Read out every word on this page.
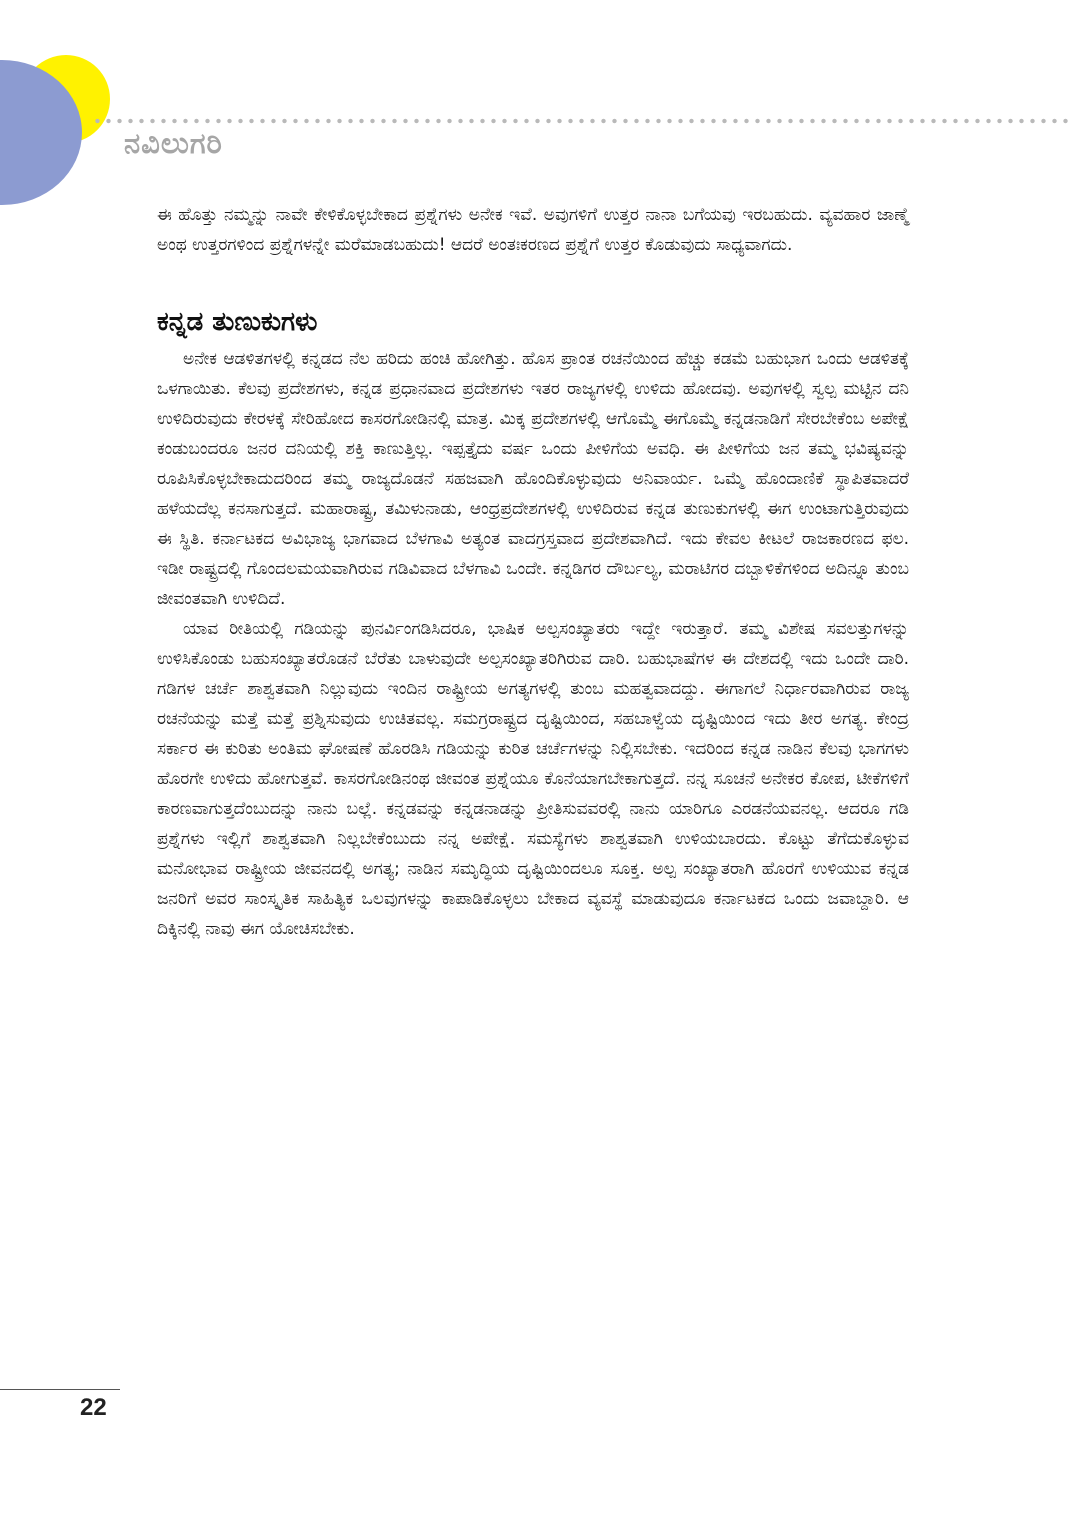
ನವಿಲುಗರಿ

ಈ ಹೊತ್ತು ನಮ್ಮನ್ನು ನಾವೇ ಕೇಳಿಕೊಳ್ಳಬೇಕಾದ ಪ್ರಶ್ನೆಗಳು ಅನೇಕ ಇವೆ. ಅವುಗಳಿಗೆ ಉತ್ತರ ನಾನಾ ಬಗೆಯವು ಇರಬಹುದು. ವ್ಯವಹಾರ ಜಾಣ್ಮೆ ಅಂಥ ಉತ್ತರಗಳಿಂದ ಪ್ರಶ್ನೆಗಳನ್ನೇ ಮರೆಮಾಡಬಹುದು! ಆದರೆ ಅಂತಃಕರಣದ ಪ್ರಶ್ನೆಗೆ ಉತ್ತರ ಕೊಡುವುದು ಸಾಧ್ಯವಾಗದು.

ಕನ್ನಡ ತುಣುಕುಗಳು

ಅನೇಕ ಆಡಳಿತಗಳಲ್ಲಿ ಕನ್ನಡದ ನೆಲ ಹರಿದು ಹಂಚಿ ಹೋಗಿತ್ತು. ಹೊಸ ಪ್ರಾಂತ ರಚನೆಯಿಂದ ಹೆಚ್ಚು ಕಡಮೆ ಬಹುಭಾಗ ಒಂದು ಆಡಳಿತಕ್ಕೆ ಒಳಗಾಯಿತು. ಕೆಲವು ಪ್ರದೇಶಗಳು, ಕನ್ನಡ ಪ್ರಧಾನವಾದ ಪ್ರದೇಶಗಳು ಇತರ ರಾಜ್ಯಗಳಲ್ಲಿ ಉಳಿದು ಹೋದವು. ಅವುಗಳಲ್ಲಿ ಸ್ವಲ್ಪ ಮಟ್ಟಿನ ದನಿ ಉಳಿದಿರುವುದು ಕೇರಳಕ್ಕೆ ಸೇರಿಹೋದ ಕಾಸರಗೋಡಿನಲ್ಲಿ ಮಾತ್ರ. ಮಿಕ್ಕ ಪ್ರದೇಶಗಳಲ್ಲಿ ಆಗೊಮ್ಮೆ ಈಗೊಮ್ಮೆ ಕನ್ನಡನಾಡಿಗೆ ಸೇರಬೇಕೆಂಬ ಅಪೇಕ್ಷೆ ಕಂಡುಬಂದರೂ ಜನರ ದನಿಯಲ್ಲಿ ಶಕ್ತಿ ಕಾಣುತ್ತಿಲ್ಲ. ಇಪ್ಪತ್ತೈದು ವರ್ಷ ಒಂದು ಪೀಳಿಗೆಯ ಅವಧಿ. ಈ ಪೀಳಿಗೆಯ ಜನ ತಮ್ಮ ಭವಿಷ್ಯವನ್ನು ರೂಪಿಸಿಕೊಳ್ಳಬೇಕಾದುದರಿಂದ ತಮ್ಮ ರಾಜ್ಯದೊಡನೆ ಸಹಜವಾಗಿ ಹೊಂದಿಕೊಳ್ಳುವುದು ಅನಿವಾರ್ಯ. ಒಮ್ಮೆ ಹೊಂದಾಣಿಕೆ ಸ್ಥಾಪಿತವಾದರೆ ಹಳೆಯದೆಲ್ಲ ಕನಸಾಗುತ್ತದೆ. ಮಹಾರಾಷ್ಟ್ರ, ತಮಿಳುನಾಡು, ಆಂಧ್ರಪ್ರದೇಶಗಳಲ್ಲಿ ಉಳಿದಿರುವ ಕನ್ನಡ ತುಣುಕುಗಳಲ್ಲಿ ಈಗ ಉಂಟಾಗುತ್ತಿರುವುದು ಈ ಸ್ಥಿತಿ. ಕರ್ನಾಟಕದ ಅವಿಭಾಜ್ಯ ಭಾಗವಾದ ಬೆಳಗಾವಿ ಅತ್ಯಂತ ವಾದಗ್ರಸ್ತವಾದ ಪ್ರದೇಶವಾಗಿದೆ. ಇದು ಕೇವಲ ಕೀಟಲೆ ರಾಜಕಾರಣದ ಫಲ. ಇಡೀ ರಾಷ್ಟ್ರದಲ್ಲಿ ಗೊಂದಲಮಯವಾಗಿರುವ ಗಡಿವಿವಾದ ಬೆಳಗಾವಿ ಒಂದೇ. ಕನ್ನಡಿಗರ ದೌರ್ಬಲ್ಯ, ಮರಾಟಿಗರ ದಬ್ಬಾಳಿಕೆಗಳಿಂದ ಅದಿನ್ನೂ ತುಂಬ ಜೀವಂತವಾಗಿ ಉಳಿದಿದೆ.

ಯಾವ ರೀತಿಯಲ್ಲಿ ಗಡಿಯನ್ನು ಪುನರ್ವಿಂಗಡಿಸಿದರೂ, ಭಾಷಿಕ ಅಲ್ಪಸಂಖ್ಯಾತರು ಇದ್ದೇ ಇರುತ್ತಾರೆ. ತಮ್ಮ ವಿಶೇಷ ಸವಲತ್ತುಗಳನ್ನು ಉಳಿಸಿಕೊಂಡು ಬಹುಸಂಖ್ಯಾತರೊಡನೆ ಬೆರೆತು ಬಾಳುವುದೇ ಅಲ್ಪಸಂಖ್ಯಾತರಿಗಿರುವ ದಾರಿ. ಬಹುಭಾಷೆಗಳ ಈ ದೇಶದಲ್ಲಿ ಇದು ಒಂದೇ ದಾರಿ. ಗಡಿಗಳ ಚರ್ಚೆ ಶಾಶ್ವತವಾಗಿ ನಿಲ್ಲುವುದು ಇಂದಿನ ರಾಷ್ಟ್ರೀಯ ಅಗತ್ಯಗಳಲ್ಲಿ ತುಂಬ ಮಹತ್ವವಾದದ್ದು. ಈಗಾಗಲೆ ನಿರ್ಧಾರವಾಗಿರುವ ರಾಜ್ಯ ರಚನೆಯನ್ನು ಮತ್ತೆ ಮತ್ತೆ ಪ್ರಶ್ನಿಸುವುದು ಉಚಿತವಲ್ಲ. ಸಮಗ್ರರಾಷ್ಟ್ರದ ದೃಷ್ಟಿಯಿಂದ, ಸಹಬಾಳ್ವೆಯ ದೃಷ್ಟಿಯಿಂದ ಇದು ತೀರ ಅಗತ್ಯ. ಕೇಂದ್ರ ಸರ್ಕಾರ ಈ ಕುರಿತು ಅಂತಿಮ ಘೋಷಣೆ ಹೊರಡಿಸಿ ಗಡಿಯನ್ನು ಕುರಿತ ಚರ್ಚೆಗಳನ್ನು ನಿಲ್ಲಿಸಬೇಕು. ಇದರಿಂದ ಕನ್ನಡ ನಾಡಿನ ಕೆಲವು ಭಾಗಗಳು ಹೊರಗೇ ಉಳಿದು ಹೋಗುತ್ತವೆ. ಕಾಸರಗೋಡಿನಂಥ ಜೀವಂತ ಪ್ರಶ್ನೆಯೂ ಕೊನೆಯಾಗಬೇಕಾಗುತ್ತದೆ. ನನ್ನ ಸೂಚನೆ ಅನೇಕರ ಕೋಪ, ಟೀಕೆಗಳಿಗೆ ಕಾರಣವಾಗುತ್ತದೆಂಬುದನ್ನು ನಾನು ಬಲ್ಲೆ. ಕನ್ನಡವನ್ನು ಕನ್ನಡನಾಡನ್ನು ಪ್ರೀತಿಸುವವರಲ್ಲಿ ನಾನು ಯಾರಿಗೂ ಎರಡನೆಯವನಲ್ಲ. ಆದರೂ ಗಡಿ ಪ್ರಶ್ನೆಗಳು ಇಲ್ಲಿಗೆ ಶಾಶ್ವತವಾಗಿ ನಿಲ್ಲಬೇಕೆಂಬುದು ನನ್ನ ಅಪೇಕ್ಷೆ. ಸಮಸ್ಯೆಗಳು ಶಾಶ್ವತವಾಗಿ ಉಳಿಯಬಾರದು. ಕೊಟ್ಟು ತೆಗೆದುಕೊಳ್ಳುವ ಮನೋಭಾವ ರಾಷ್ಟ್ರೀಯ ಜೀವನದಲ್ಲಿ ಅಗತ್ಯ; ನಾಡಿನ ಸಮೃದ್ಧಿಯ ದೃಷ್ಟಿಯಿಂದಲೂ ಸೂಕ್ತ. ಅಲ್ಪ ಸಂಖ್ಯಾತರಾಗಿ ಹೊರಗೆ ಉಳಿಯುವ ಕನ್ನಡ ಜನರಿಗೆ ಅವರ ಸಾಂಸ್ಕೃತಿಕ ಸಾಹಿತ್ಯಿಕ ಒಲವುಗಳನ್ನು ಕಾಪಾಡಿಕೊಳ್ಳಲು ಬೇಕಾದ ವ್ಯವಸ್ಥೆ ಮಾಡುವುದೂ ಕರ್ನಾಟಕದ ಒಂದು ಜವಾಬ್ದಾರಿ. ಆ ದಿಕ್ಕಿನಲ್ಲಿ ನಾವು ಈಗ ಯೋಚಿಸಬೇಕು.

22
